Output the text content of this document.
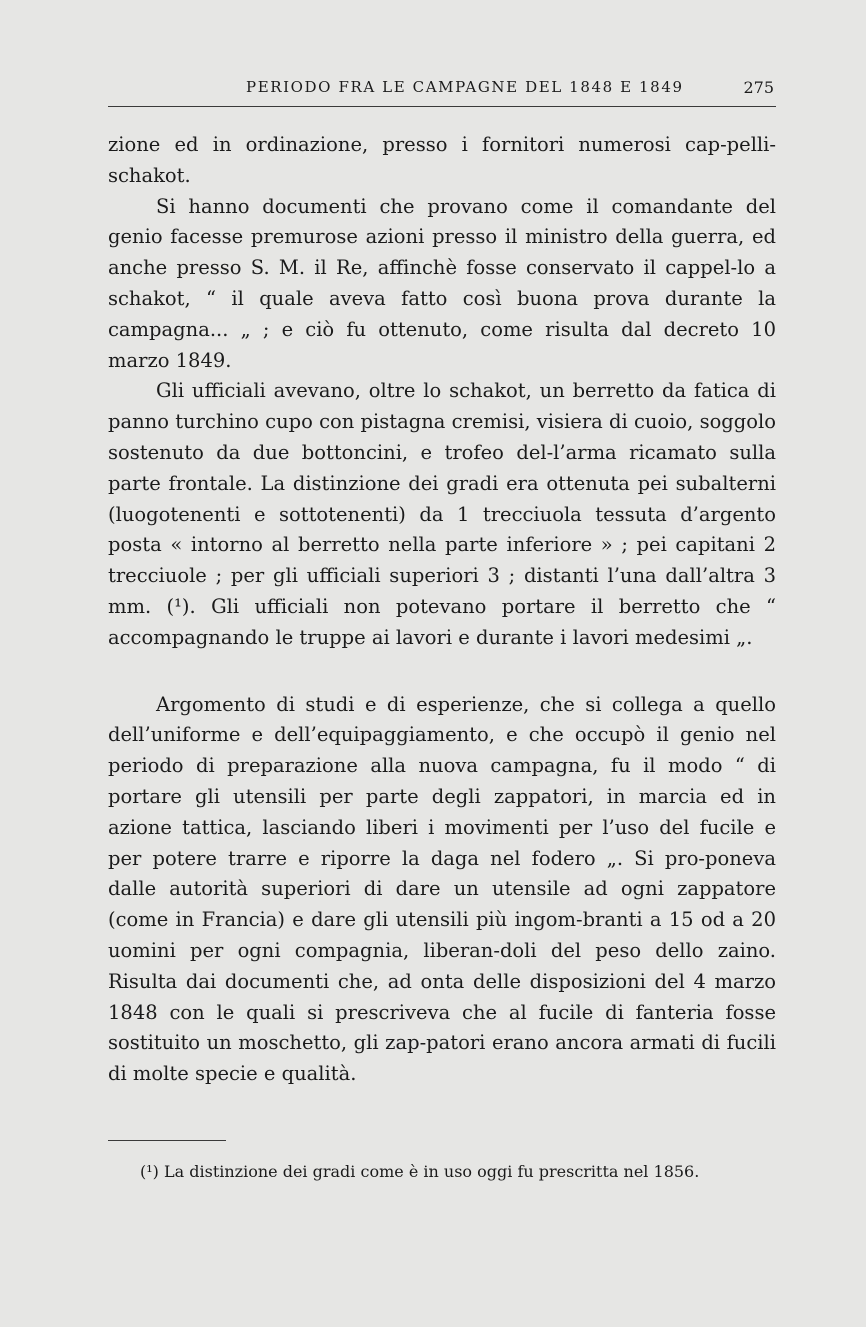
PERIODO FRA LE CAMPAGNE DEL 1848 E 1849	275

zione ed in ordinazione, presso i fornitori numerosi cap-pelli-schakot.

Si hanno documenti che provano come il comandante del genio facesse premurose azioni presso il ministro della guerra, ed anche presso S. M. il Re, affinchè fosse conservato il cappel-lo a schakot, “ il quale aveva fatto così buona prova durante la campagna... „ ; e ciò fu ottenuto, come risulta dal decreto 10 marzo 1849.

Gli ufficiali avevano, oltre lo schakot, un berretto da fatica di panno turchino cupo con pistagna cremisi, visiera di cuoio, soggolo sostenuto da due bottoncini, e trofeo del-l’arma ricamato sulla parte frontale. La distinzione dei gradi era ottenuta pei subalterni (luogotenenti e sottotenenti) da 1 trecciuola tessuta d’argento posta « intorno al berretto nella parte inferiore » ; pei capitani 2 trecciuole ; per gli ufficiali superiori 3 ; distanti l’una dall’altra 3 mm. (¹). Gli ufficiali non potevano portare il berretto che “ accompagnando le truppe ai lavori e durante i lavori medesimi „.

Argomento di studi e di esperienze, che si collega a quello dell’uniforme e dell’equipaggiamento, e che occupò il genio nel periodo di preparazione alla nuova campagna, fu il modo “ di portare gli utensili per parte degli zappatori, in marcia ed in azione tattica, lasciando liberi i movimenti per l’uso del fucile e per potere trarre e riporre la daga nel fodero „. Si pro-poneva dalle autorità superiori di dare un utensile ad ogni zappatore (come in Francia) e dare gli utensili più ingom-branti a 15 od a 20 uomini per ogni compagnia, liberan-doli del peso dello zaino. Risulta dai documenti che, ad onta delle disposizioni del 4 marzo 1848 con le quali si prescriveva che al fucile di fanteria fosse sostituito un moschetto, gli zap-patori erano ancora armati di fucili di molte specie e qualità.

(¹) La distinzione dei gradi come è in uso oggi fu prescritta nel 1856.
